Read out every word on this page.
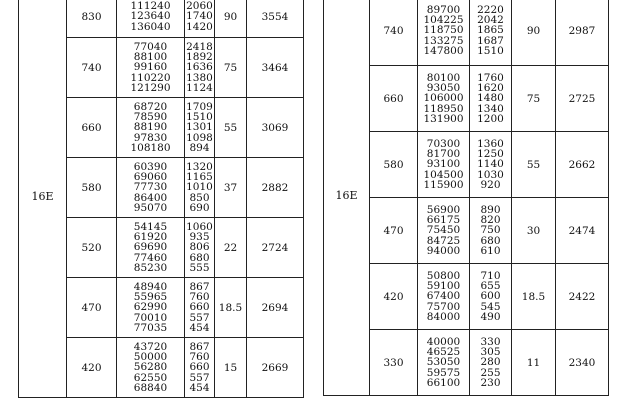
16E	830	111240
123640
136040	2060
1740
1420	90	3554
	740	77040
88100
99160
110220
121290	2418
1892
1636
1380
1124	75	3464
	660	68720
78590
88190
97830
108180	1709
1510
1301
1098
894	55	3069
	580	60390
69060
77730
86400
95070	1320
1165
1010
850
690	37	2882
	520	54145
61920
69690
77460
85230	1060
935
806
680
555	22	2724
	470	48940
55965
62990
70010
77035	867
760
660
557
454	18.5	2694
	420	43720
50000
56280
62550
68840	867
760
660
557
454	15	2669
16E	740	89700
104225
118750
133275
147800	2220
2042
1865
1687
1510	90	2987
	660	80100
93050
106000
118950
131900	1760
1620
1480
1340
1200	75	2725
	580	70300
81700
93100
104500
115900	1360
1250
1140
1030
920	55	2662
	470	56900
66175
75450
84725
94000	890
820
750
680
610	30	2474
	420	50800
59100
67400
75700
84000	710
655
600
545
490	18.5	2422
	330	40000
46525
53050
59575
66100	330
305
280
255
230	11	2340
